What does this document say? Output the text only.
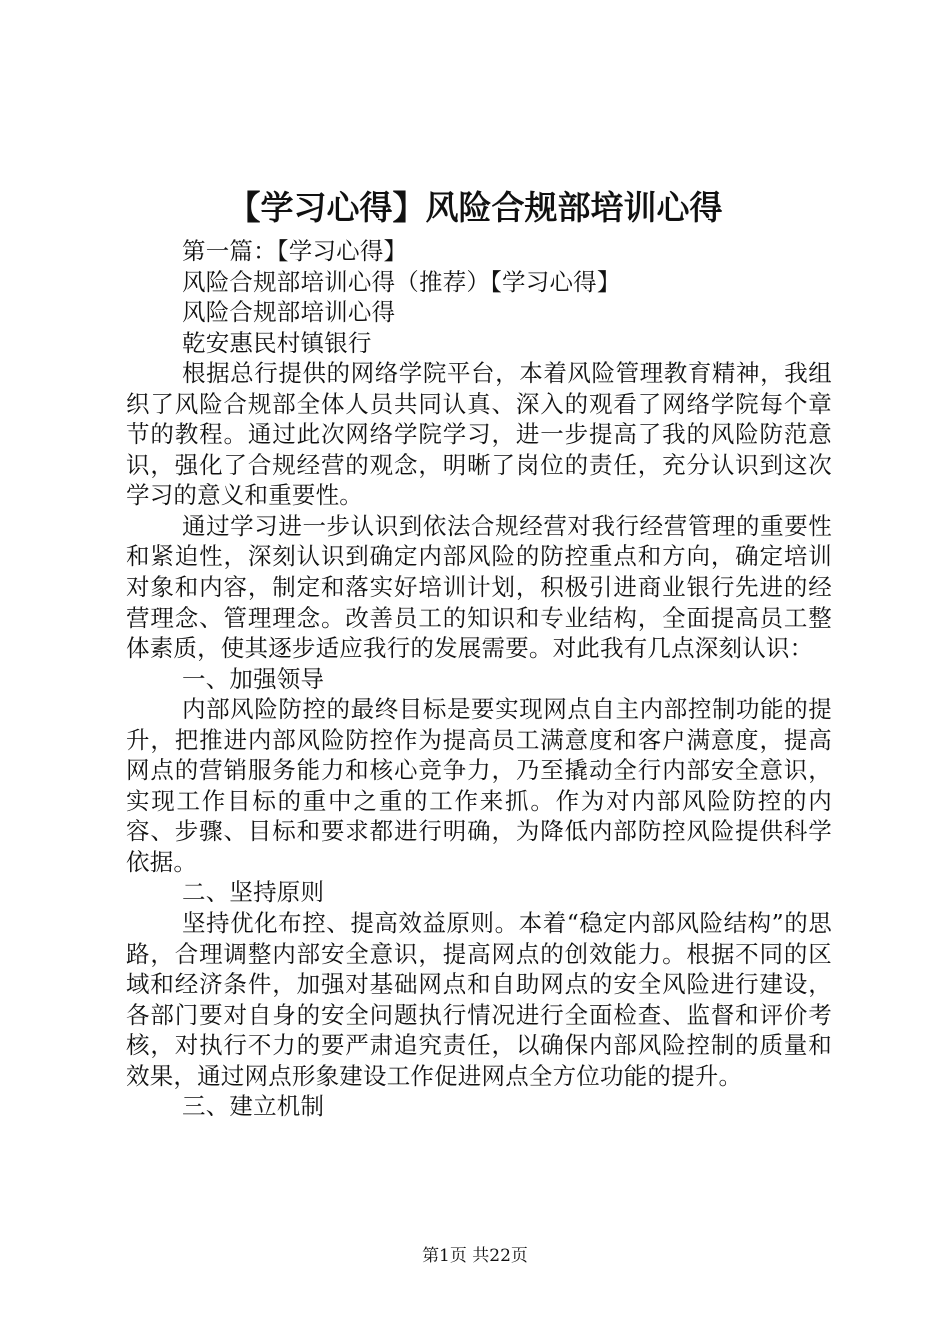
【学习心得】风险合规部培训心得
第一篇：【学习心得】
风险合规部培训心得（推荐）【学习心得】
风险合规部培训心得
乾安惠民村镇银行

根据总行提供的网络学院平台，本着风险管理教育精神，我组织了风险合规部全体人员共同认真、深入的观看了网络学院每个章节的教程。通过此次网络学院学习，进一步提高了我的风险防范意识，强化了合规经营的观念，明晰了岗位的责任，充分认识到这次学习的意义和重要性。

通过学习进一步认识到依法合规经营对我行经营管理的重要性和紧迫性，深刻认识到确定内部风险的防控重点和方向，确定培训对象和内容，制定和落实好培训计划，积极引进商业银行先进的经营理念、管理理念。改善员工的知识和专业结构，全面提高员工整体素质，使其逐步适应我行的发展需要。对此我有几点深刻认识：

一、加强领导

内部风险防控的最终目标是要实现网点自主内部控制功能的提升，把推进内部风险防控作为提高员工满意度和客户满意度，提高网点的营销服务能力和核心竞争力，乃至撬动全行内部安全意识，实现工作目标的重中之重的工作来抓。作为对内部风险防控的内容、步骤、目标和要求都进行明确，为降低内部防控风险提供科学依据。

二、坚持原则

坚持优化布控、提高效益原则。本着“稳定内部风险结构”的思路，合理调整内部安全意识，提高网点的创效能力。根据不同的区域和经济条件，加强对基础网点和自助网点的安全风险进行建设，各部门要对自身的安全问题执行情况进行全面检查、监督和评价考核，对执行不力的要严肃追究责任，以确保内部风险控制的质量和效果，通过网点形象建设工作促进网点全方位功能的提升。

三、建立机制
第1页 共22页
